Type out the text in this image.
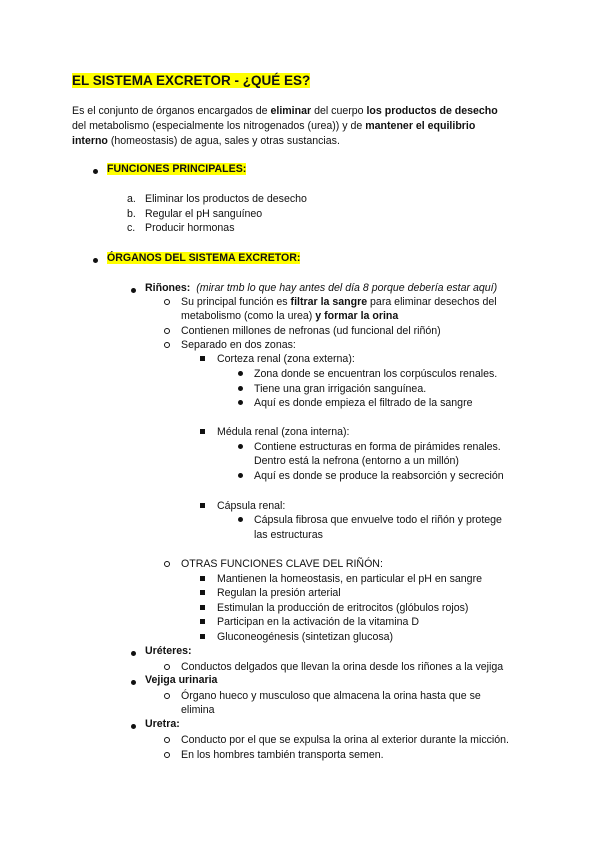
EL SISTEMA EXCRETOR - ¿QUÉ ES?
Es el conjunto de órganos encargados de eliminar del cuerpo los productos de desecho
del metabolismo (especialmente los nitrogenados (urea)) y de mantener el equilibrio
interno (homeostasis) de agua, sales y otras sustancias.
FUNCIONES PRINCIPALES:
a. Eliminar los productos de desecho
b. Regular el pH sanguíneo
c. Producir hormonas
ÓRGANOS DEL SISTEMA EXCRETOR:
Riñones: (mirar tmb lo que hay antes del día 8 porque debería estar aquí)
Su principal función es filtrar la sangre para eliminar desechos del
metabolismo (como la urea) y formar la orina
Contienen millones de nefronas (ud funcional del riñón)
Separado en dos zonas:
Corteza renal (zona externa):
Zona donde se encuentran los corpúsculos renales.
Tiene una gran irrigación sanguínea.
Aquí es donde empieza el filtrado de la sangre
Médula renal (zona interna):
Contiene estructuras en forma de pirámides renales.
Dentro está la nefrona (entorno a un millón)
Aquí es donde se produce la reabsorción y secreción
Cápsula renal:
Cápsula fibrosa que envuelve todo el riñón y protege
las estructuras
OTRAS FUNCIONES CLAVE DEL RIÑÓN:
Mantienen la homeostasis, en particular el pH en sangre
Regulan la presión arterial
Estimulan la producción de eritrocitos (glóbulos rojos)
Participan en la activación de la vitamina D
Gluconeogénesis (sintetizan glucosa)
Uréteres:
Conductos delgados que llevan la orina desde los riñones a la vejiga
Vejiga urinaria
Órgano hueco y musculoso que almacena la orina hasta que se
elimina
Uretra:
Conducto por el que se expulsa la orina al exterior durante la micción.
En los hombres también transporta semen.
